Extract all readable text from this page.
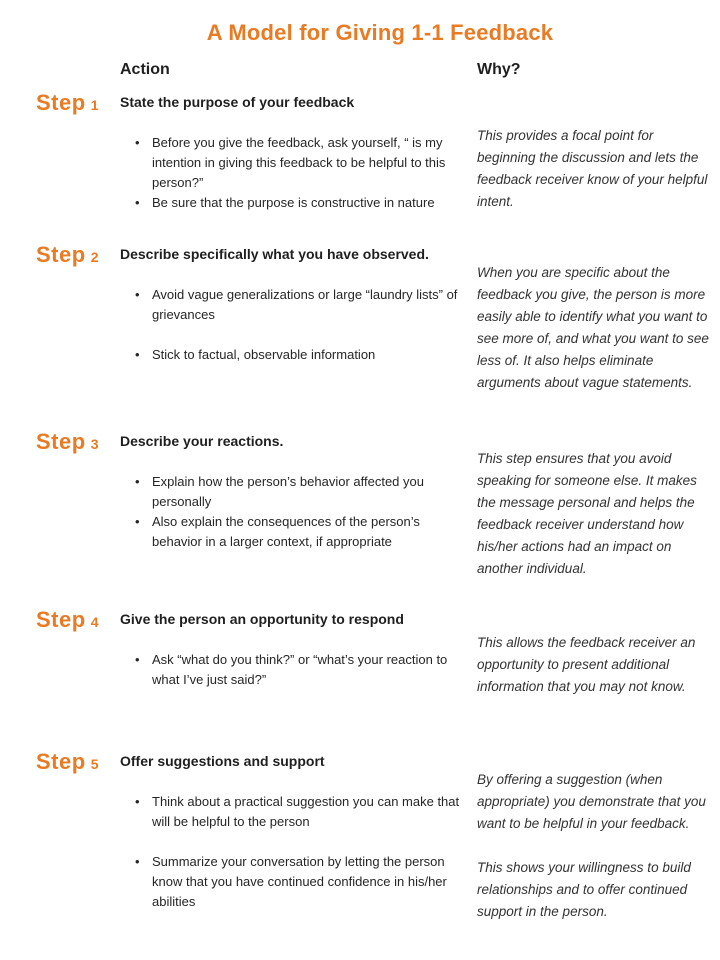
A Model for Giving 1-1 Feedback
Action	Why?
Step 1 State the purpose of your feedback

• Before you give the feedback, ask yourself, “ is my intention in giving this feedback to be helpful to this person?”
• Be sure that the purpose is constructive in nature

This provides a focal point for beginning the discussion and lets the feedback receiver know of your helpful intent.

Step 2 Describe specifically what you have observed.

• Avoid vague generalizations or large “laundry lists” of grievances
• Stick to factual, observable information

When you are specific about the feedback you give, the person is more easily able to identify what you want to see more of, and what you want to see less of. It also helps eliminate arguments about vague statements.

Step 3 Describe your reactions.

• Explain how the person’s behavior affected you personally
• Also explain the consequences of the person’s behavior in a larger context, if appropriate

This step ensures that you avoid speaking for someone else. It makes the message personal and helps the feedback receiver understand how his/her actions had an impact on another individual.

Step 4 Give the person an opportunity to respond

• Ask “what do you think?” or “what’s your reaction to what I’ve just said?”

This allows the feedback receiver an opportunity to present additional information that you may not know.

Step 5 Offer suggestions and support

• Think about a practical suggestion you can make that will be helpful to the person
• Summarize your conversation by letting the person know that you have continued confidence in his/her abilities

By offering a suggestion (when appropriate) you demonstrate that you want to be helpful in your feedback.

This shows your willingness to build relationships and to offer continued support in the person.
